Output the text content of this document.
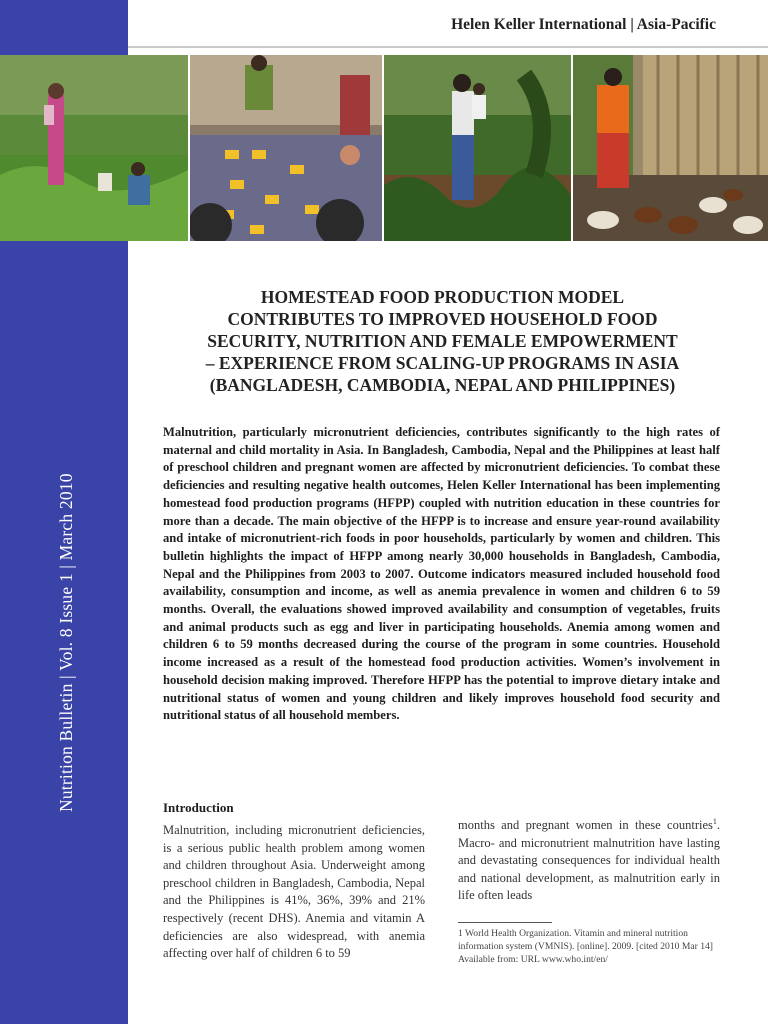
Nutrition Bulletin | Vol. 8 Issue 1 | March 2010
Helen Keller International | Asia-Pacific
HOMESTEAD FOOD PRODUCTION MODEL
CONTRIBUTES TO IMPROVED HOUSEHOLD FOOD
SECURITY, NUTRITION AND FEMALE EMPOWERMENT
– EXPERIENCE FROM SCALING-UP PROGRAMS IN ASIA
(BANGLADESH, CAMBODIA, NEPAL AND PHILIPPINES)
Malnutrition, particularly micronutrient deficiencies, contributes significantly to the high rates of maternal and child mortality in Asia. In Bangladesh, Cambodia, Nepal and the Philippines at least half of preschool children and pregnant women are affected by micronutrient deficiencies. To combat these deficiencies and resulting negative health outcomes, Helen Keller International has been implementing homestead food production programs (HFPP) coupled with nutrition education in these countries for more than a decade. The main objective of the HFPP is to increase and ensure year-round availability and intake of micronutrient-rich foods in poor households, particularly by women and children. This bulletin highlights the impact of HFPP among nearly 30,000 households in Bangladesh, Cambodia, Nepal and the Philippines from 2003 to 2007. Outcome indicators measured included household food availability, consumption and income, as well as anemia prevalence in women and children 6 to 59 months. Overall, the evaluations showed improved availability and consumption of vegetables, fruits and animal products such as egg and liver in participating households. Anemia among women and children 6 to 59 months decreased during the course of the program in some countries. Household income increased as a result of the homestead food production activities. Women’s involvement in household decision making improved. Therefore HFPP has the potential to improve dietary intake and nutritional status of women and young children and likely improves household food security and nutritional status of all household members.
Introduction
Malnutrition, including micronutrient deficiencies, is a serious public health problem among women and children throughout Asia. Underweight among preschool children in Bangladesh, Cambodia, Nepal and the Philippines is 41%, 36%, 39% and 21% respectively (recent DHS). Anemia and vitamin A deficiencies are also widespread, with anemia affecting over half of children 6 to 59
months and pregnant women in these countries$^1$. Macro- and micronutrient malnutrition have lasting and devastating consequences for individual health and national development, as malnutrition early in life often leads
1 World Health Organization. Vitamin and mineral nutrition information system (VMNIS). [online]. 2009. [cited 2010 Mar 14] Available from: URL www.who.int/en/
